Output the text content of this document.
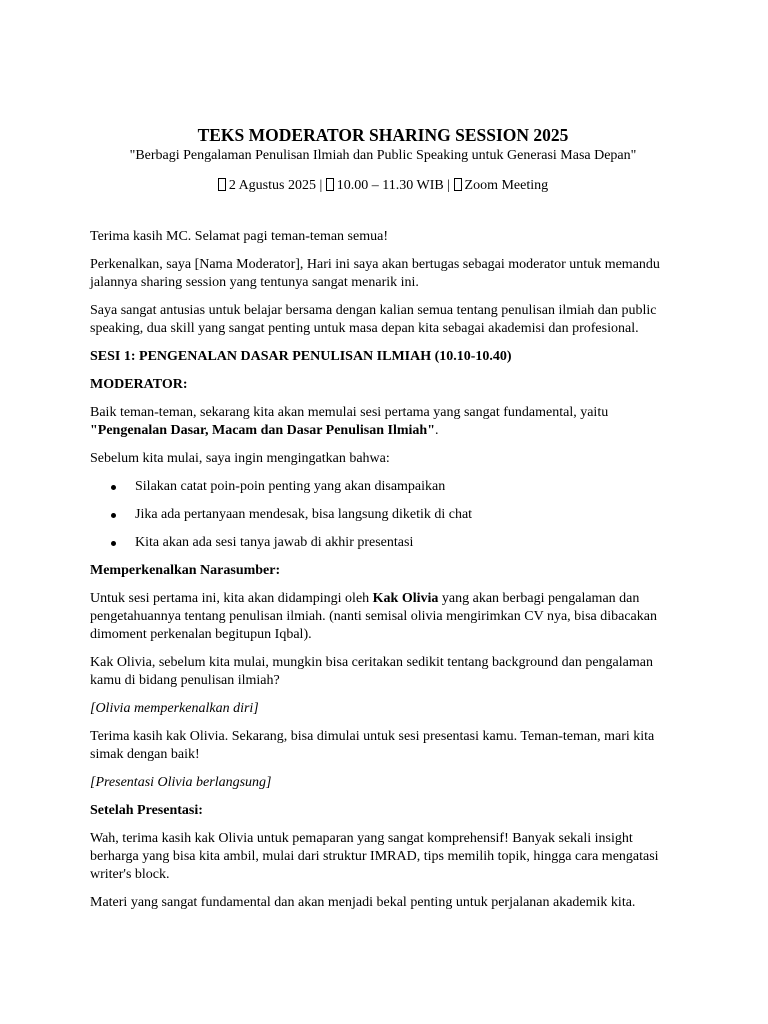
TEKS MODERATOR SHARING SESSION 2025
"Berbagi Pengalaman Penulisan Ilmiah dan Public Speaking untuk Generasi Masa Depan"
2 Agustus 2025 | 10.00 – 11.30 WIB | Zoom Meeting

Terima kasih MC. Selamat pagi teman-teman semua!

Perkenalkan, saya [Nama Moderator], Hari ini saya akan bertugas sebagai moderator untuk memandu jalannya sharing session yang tentunya sangat menarik ini.

Saya sangat antusias untuk belajar bersama dengan kalian semua tentang penulisan ilmiah dan public speaking, dua skill yang sangat penting untuk masa depan kita sebagai akademisi dan profesional.

SESI 1: PENGENALAN DASAR PENULISAN ILMIAH (10.10-10.40)

MODERATOR:

Baik teman-teman, sekarang kita akan memulai sesi pertama yang sangat fundamental, yaitu "Pengenalan Dasar, Macam dan Dasar Penulisan Ilmiah".

Sebelum kita mulai, saya ingin mengingatkan bahwa:

Silakan catat poin-poin penting yang akan disampaikan
Jika ada pertanyaan mendesak, bisa langsung diketik di chat
Kita akan ada sesi tanya jawab di akhir presentasi

Memperkenalkan Narasumber:

Untuk sesi pertama ini, kita akan didampingi oleh Kak Olivia yang akan berbagi pengalaman dan pengetahuannya tentang penulisan ilmiah. (nanti semisal olivia mengirimkan CV nya, bisa dibacakan dimoment perkenalan begitupun Iqbal).

Kak Olivia, sebelum kita mulai, mungkin bisa ceritakan sedikit tentang background dan pengalaman kamu di bidang penulisan ilmiah?

[Olivia memperkenalkan diri]

Terima kasih kak Olivia. Sekarang, bisa dimulai untuk sesi presentasi kamu. Teman-teman, mari kita simak dengan baik!

[Presentasi Olivia berlangsung]

Setelah Presentasi:

Wah, terima kasih kak Olivia untuk pemaparan yang sangat komprehensif! Banyak sekali insight berharga yang bisa kita ambil, mulai dari struktur IMRAD, tips memilih topik, hingga cara mengatasi writer's block.

Materi yang sangat fundamental dan akan menjadi bekal penting untuk perjalanan akademik kita.
